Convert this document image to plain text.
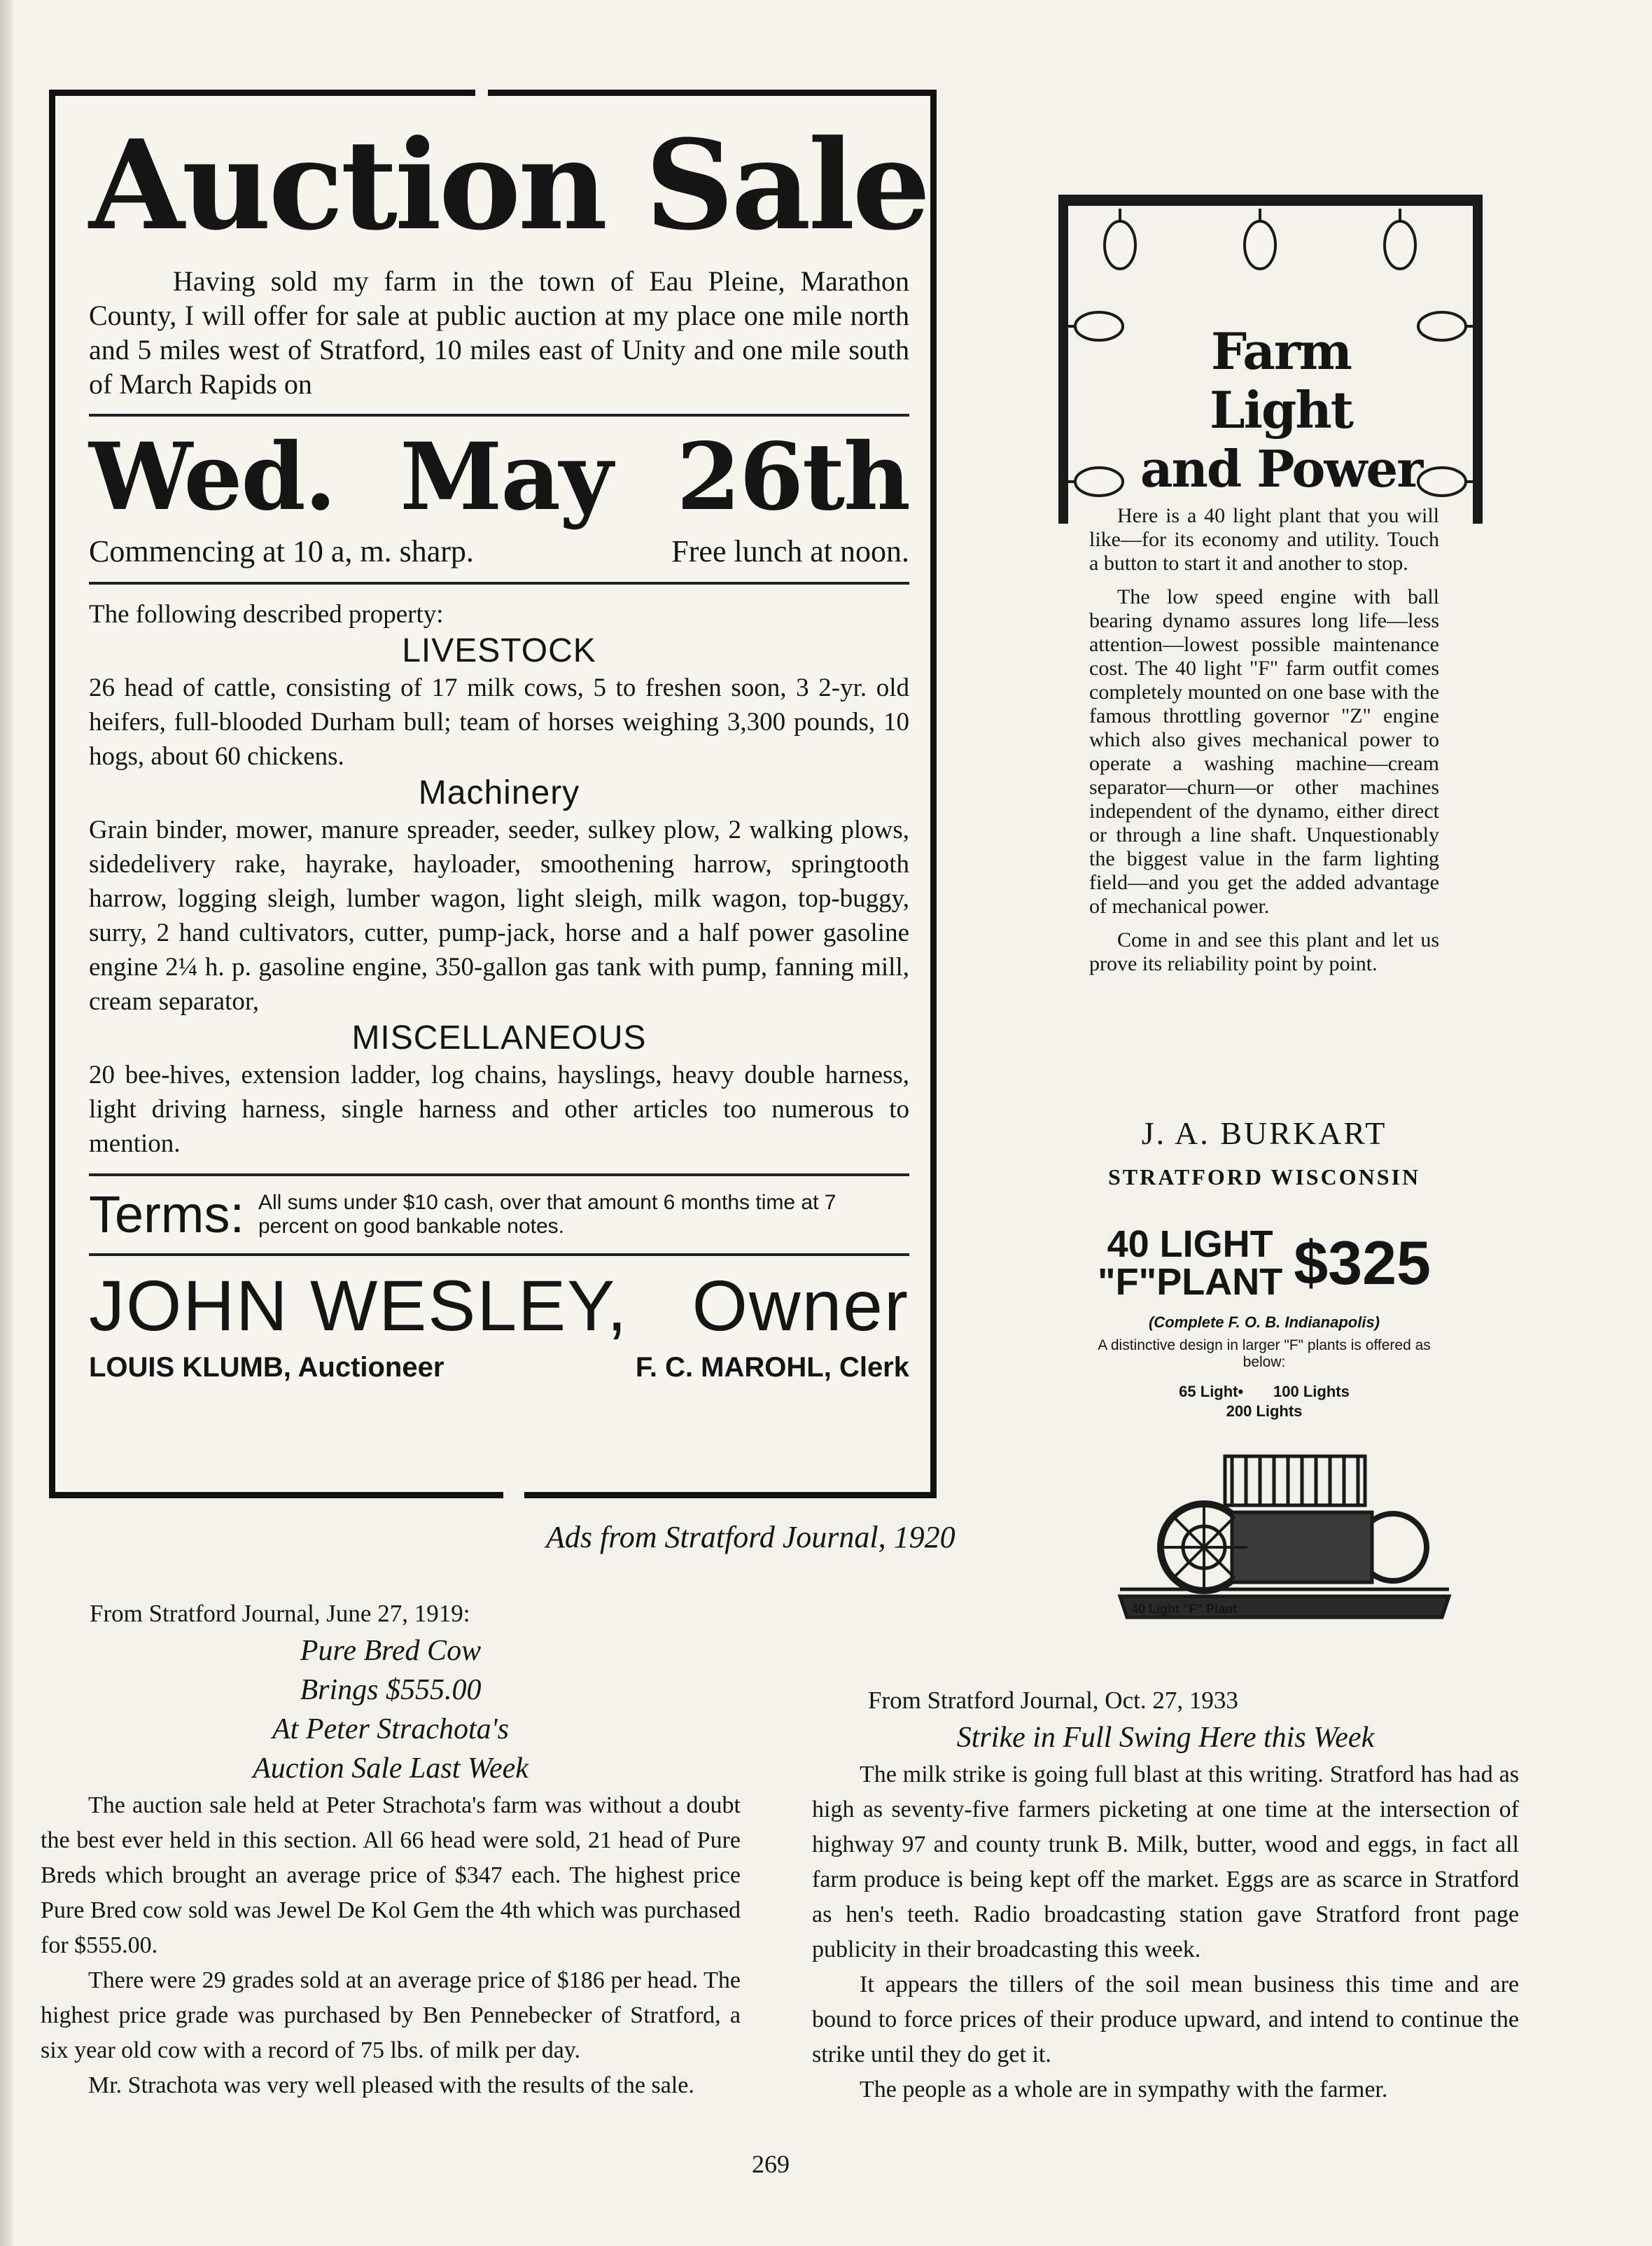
Auction Sale

Having sold my farm in the town of Eau Pleine, Marathon County, I will offer for sale at public auction at my place one mile north and 5 miles west of Stratford, 10 miles east of Unity and one mile south of March Rapids on

Wed. May 26th
Commencing at 10 a, m. sharp.	Free lunch at noon.

The following described property:

LIVESTOCK

26 head of cattle, consisting of 17 milk cows, 5 to freshen soon, 3 2-yr. old heifers, full-blooded Durham bull; team of horses weighing 3,300 pounds, 10 hogs, about 60 chickens.

Machinery

Grain binder, mower, manure spreader, seeder, sulkey plow, 2 walking plows, sidedelivery rake, hayrake, hayloader, smoothening harrow, springtooth harrow, logging sleigh, lumber wagon, light sleigh, milk wagon, top-buggy, surry, 2 hand cultivators, cutter, pump-jack, horse and a half power gasoline engine 2¼ h. p. gasoline engine, 350-gallon gas tank with pump, fanning mill, cream separator,

MISCELLANEOUS

20 bee-hives, extension ladder, log chains, hayslings, heavy double harness, light driving harness, single harness and other articles too numerous to mention.

Terms: All sums under $10 cash, over that amount 6 months time at 7 percent on good bankable notes.
JOHN WESLEY, Owner
LOUIS KLUMB, Auctioneer	F. C. MAROHL, Clerk
Ads from Stratford Journal, 1920
Farm Light
and Power

Here is a 40 light plant that you will like—for its economy and utility. Touch a button to start it and another to stop.

The low speed engine with ball bearing dynamo assures long life—less attention—lowest possible maintenance cost. The 40 light "F" farm outfit comes completely mounted on one base with the famous throttling governor "Z" engine which also gives mechanical power to operate a washing machine—cream separator—churn—or other machines independent of the dynamo, either direct or through a line shaft. Unquestionably the biggest value in the farm lighting field—and you get the added advantage of mechanical power.

Come in and see this plant and let us prove its reliability point by point.

J. A. BURKART
STRATFORD WISCONSIN
40 LIGHT
"F"PLANT $325
(Complete F. O. B. Indianapolis)
A distinctive design in larger "F" plants is offered as below:
65 Light• 100 Lights
200 Lights
40 Light "F" Plant

From Stratford Journal, June 27, 1919:

Pure Bred Cow

Brings $555.00

At Peter Strachota's

Auction Sale Last Week

The auction sale held at Peter Strachota's farm was without a doubt the best ever held in this section. All 66 head were sold, 21 head of Pure Breds which brought an average price of $347 each. The highest price Pure Bred cow sold was Jewel De Kol Gem the 4th which was purchased for $555.00.

There were 29 grades sold at an average price of $186 per head. The highest price grade was purchased by Ben Pennebecker of Stratford, a six year old cow with a record of 75 lbs. of milk per day.

Mr. Strachota was very well pleased with the results of the sale.

From Stratford Journal, Oct. 27, 1933

Strike in Full Swing Here this Week

The milk strike is going full blast at this writing. Stratford has had as high as seventy-five farmers picketing at one time at the intersection of highway 97 and county trunk B. Milk, butter, wood and eggs, in fact all farm produce is being kept off the market. Eggs are as scarce in Stratford as hen's teeth. Radio broadcasting station gave Stratford front page publicity in their broadcasting this week.

It appears the tillers of the soil mean business this time and are bound to force prices of their produce upward, and intend to continue the strike until they do get it.

The people as a whole are in sympathy with the farmer.

269
